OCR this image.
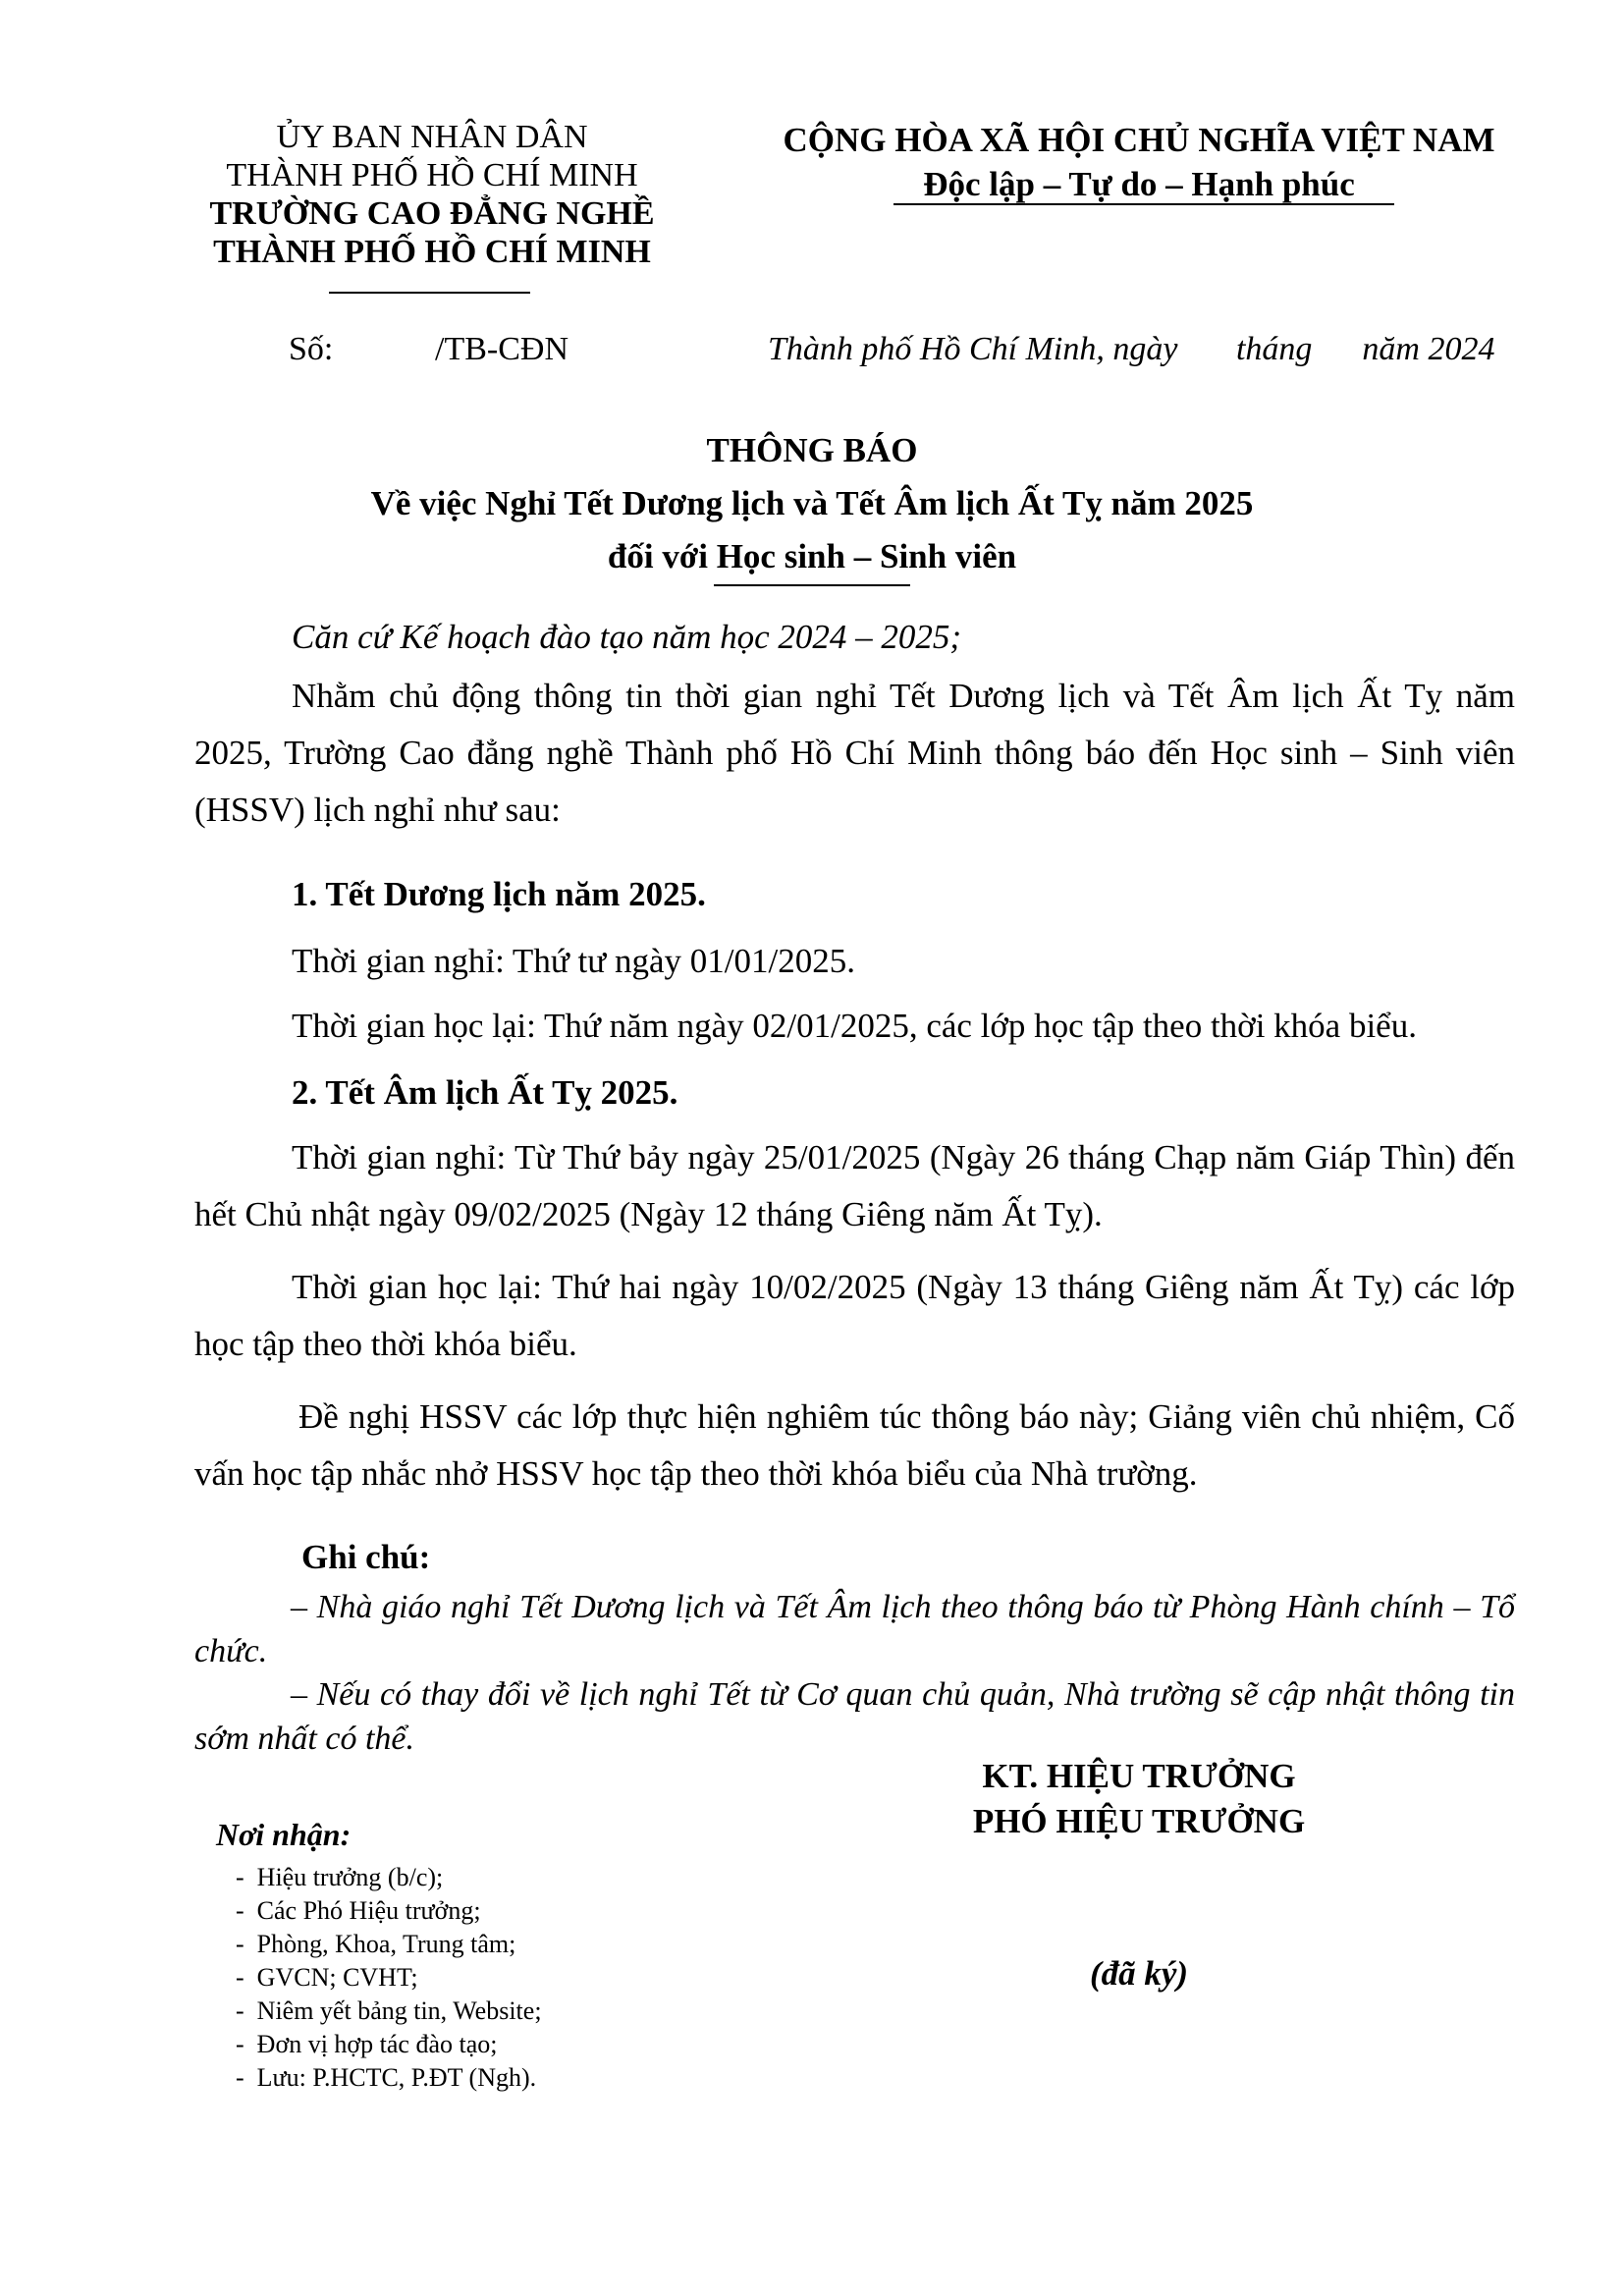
ỦY BAN NHÂN DÂN
THÀNH PHỐ HỒ CHÍ MINH
TRƯỜNG CAO ĐẲNG NGHỀ
THÀNH PHỐ HỒ CHÍ MINH
CỘNG HÒA XÃ HỘI CHỦ NGHĨA VIỆT NAM
Độc lập – Tự do – Hạnh phúc
Số:	/TB-CĐN	Thành phố Hồ Chí Minh, ngày tháng năm 2024
THÔNG BÁO
Về việc Nghỉ Tết Dương lịch và Tết Âm lịch Ất Tỵ năm 2025
đối với Học sinh – Sinh viên
Căn cứ Kế hoạch đào tạo năm học 2024 – 2025;
Nhằm chủ động thông tin thời gian nghỉ Tết Dương lịch và Tết Âm lịch Ất Tỵ năm 2025, Trường Cao đẳng nghề Thành phố Hồ Chí Minh thông báo đến Học sinh – Sinh viên (HSSV) lịch nghỉ như sau:
1. Tết Dương lịch năm 2025.
Thời gian nghỉ: Thứ tư ngày 01/01/2025.
Thời gian học lại: Thứ năm ngày 02/01/2025, các lớp học tập theo thời khóa biểu.
2. Tết Âm lịch Ất Tỵ 2025.
Thời gian nghỉ: Từ Thứ bảy ngày 25/01/2025 (Ngày 26 tháng Chạp năm Giáp Thìn) đến hết Chủ nhật ngày 09/02/2025 (Ngày 12 tháng Giêng năm Ất Tỵ).
Thời gian học lại: Thứ hai ngày 10/02/2025 (Ngày 13 tháng Giêng năm Ất Tỵ) các lớp học tập theo thời khóa biểu.
Đề nghị HSSV các lớp thực hiện nghiêm túc thông báo này; Giảng viên chủ nhiệm, Cố vấn học tập nhắc nhở HSSV học tập theo thời khóa biểu của Nhà trường.
Ghi chú:
– Nhà giáo nghỉ Tết Dương lịch và Tết Âm lịch theo thông báo từ Phòng Hành chính – Tổ chức.
– Nếu có thay đổi về lịch nghỉ Tết từ Cơ quan chủ quản, Nhà trường sẽ cập nhật thông tin sớm nhất có thể.
KT. HIỆU TRƯỞNG
PHÓ HIỆU TRƯỞNG
(đã ký)
Nơi nhận:
- Hiệu trưởng (b/c);
- Các Phó Hiệu trưởng;
- Phòng, Khoa, Trung tâm;
- GVCN; CVHT;
- Niêm yết bảng tin, Website;
- Đơn vị hợp tác đào tạo;
- Lưu: P.HCTC, P.ĐT (Ngh).
